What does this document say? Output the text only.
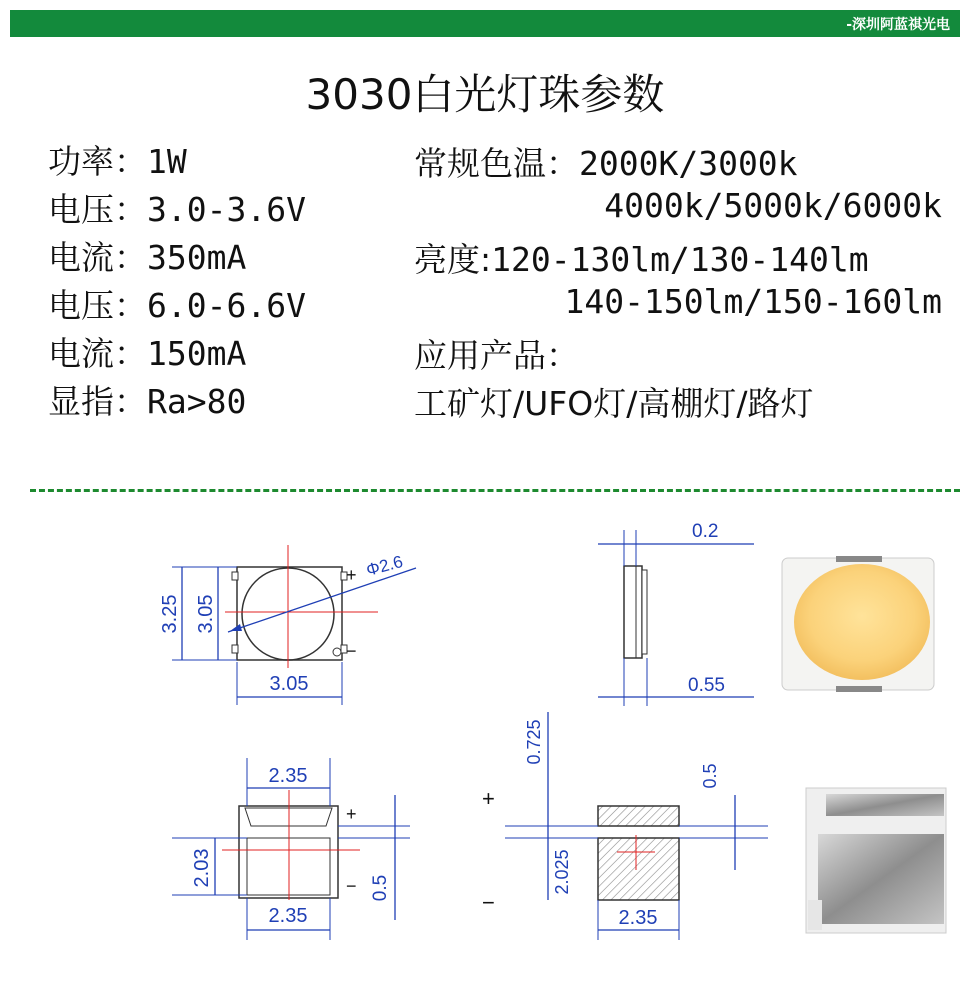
-深圳阿蓝祺光电
3030白光灯珠参数
功率：1W
电压：3.0-3.6V
电流：350mA
电压：6.0-6.6V
电流：150mA
显指：Ra>80
常规色温：2000K/3000k
4000k/5000k/6000k
亮度:120-130lm/130-140lm
140-150lm/150-160lm
应用产品：
工矿灯/UFO灯/高棚灯/路灯
3.25 3.05
3.05
Φ2.6
+
−
0.2
0.55
2.35
2.03
0.5
2.35
+
−
0.725
0.5
2.025
2.35
+
−
